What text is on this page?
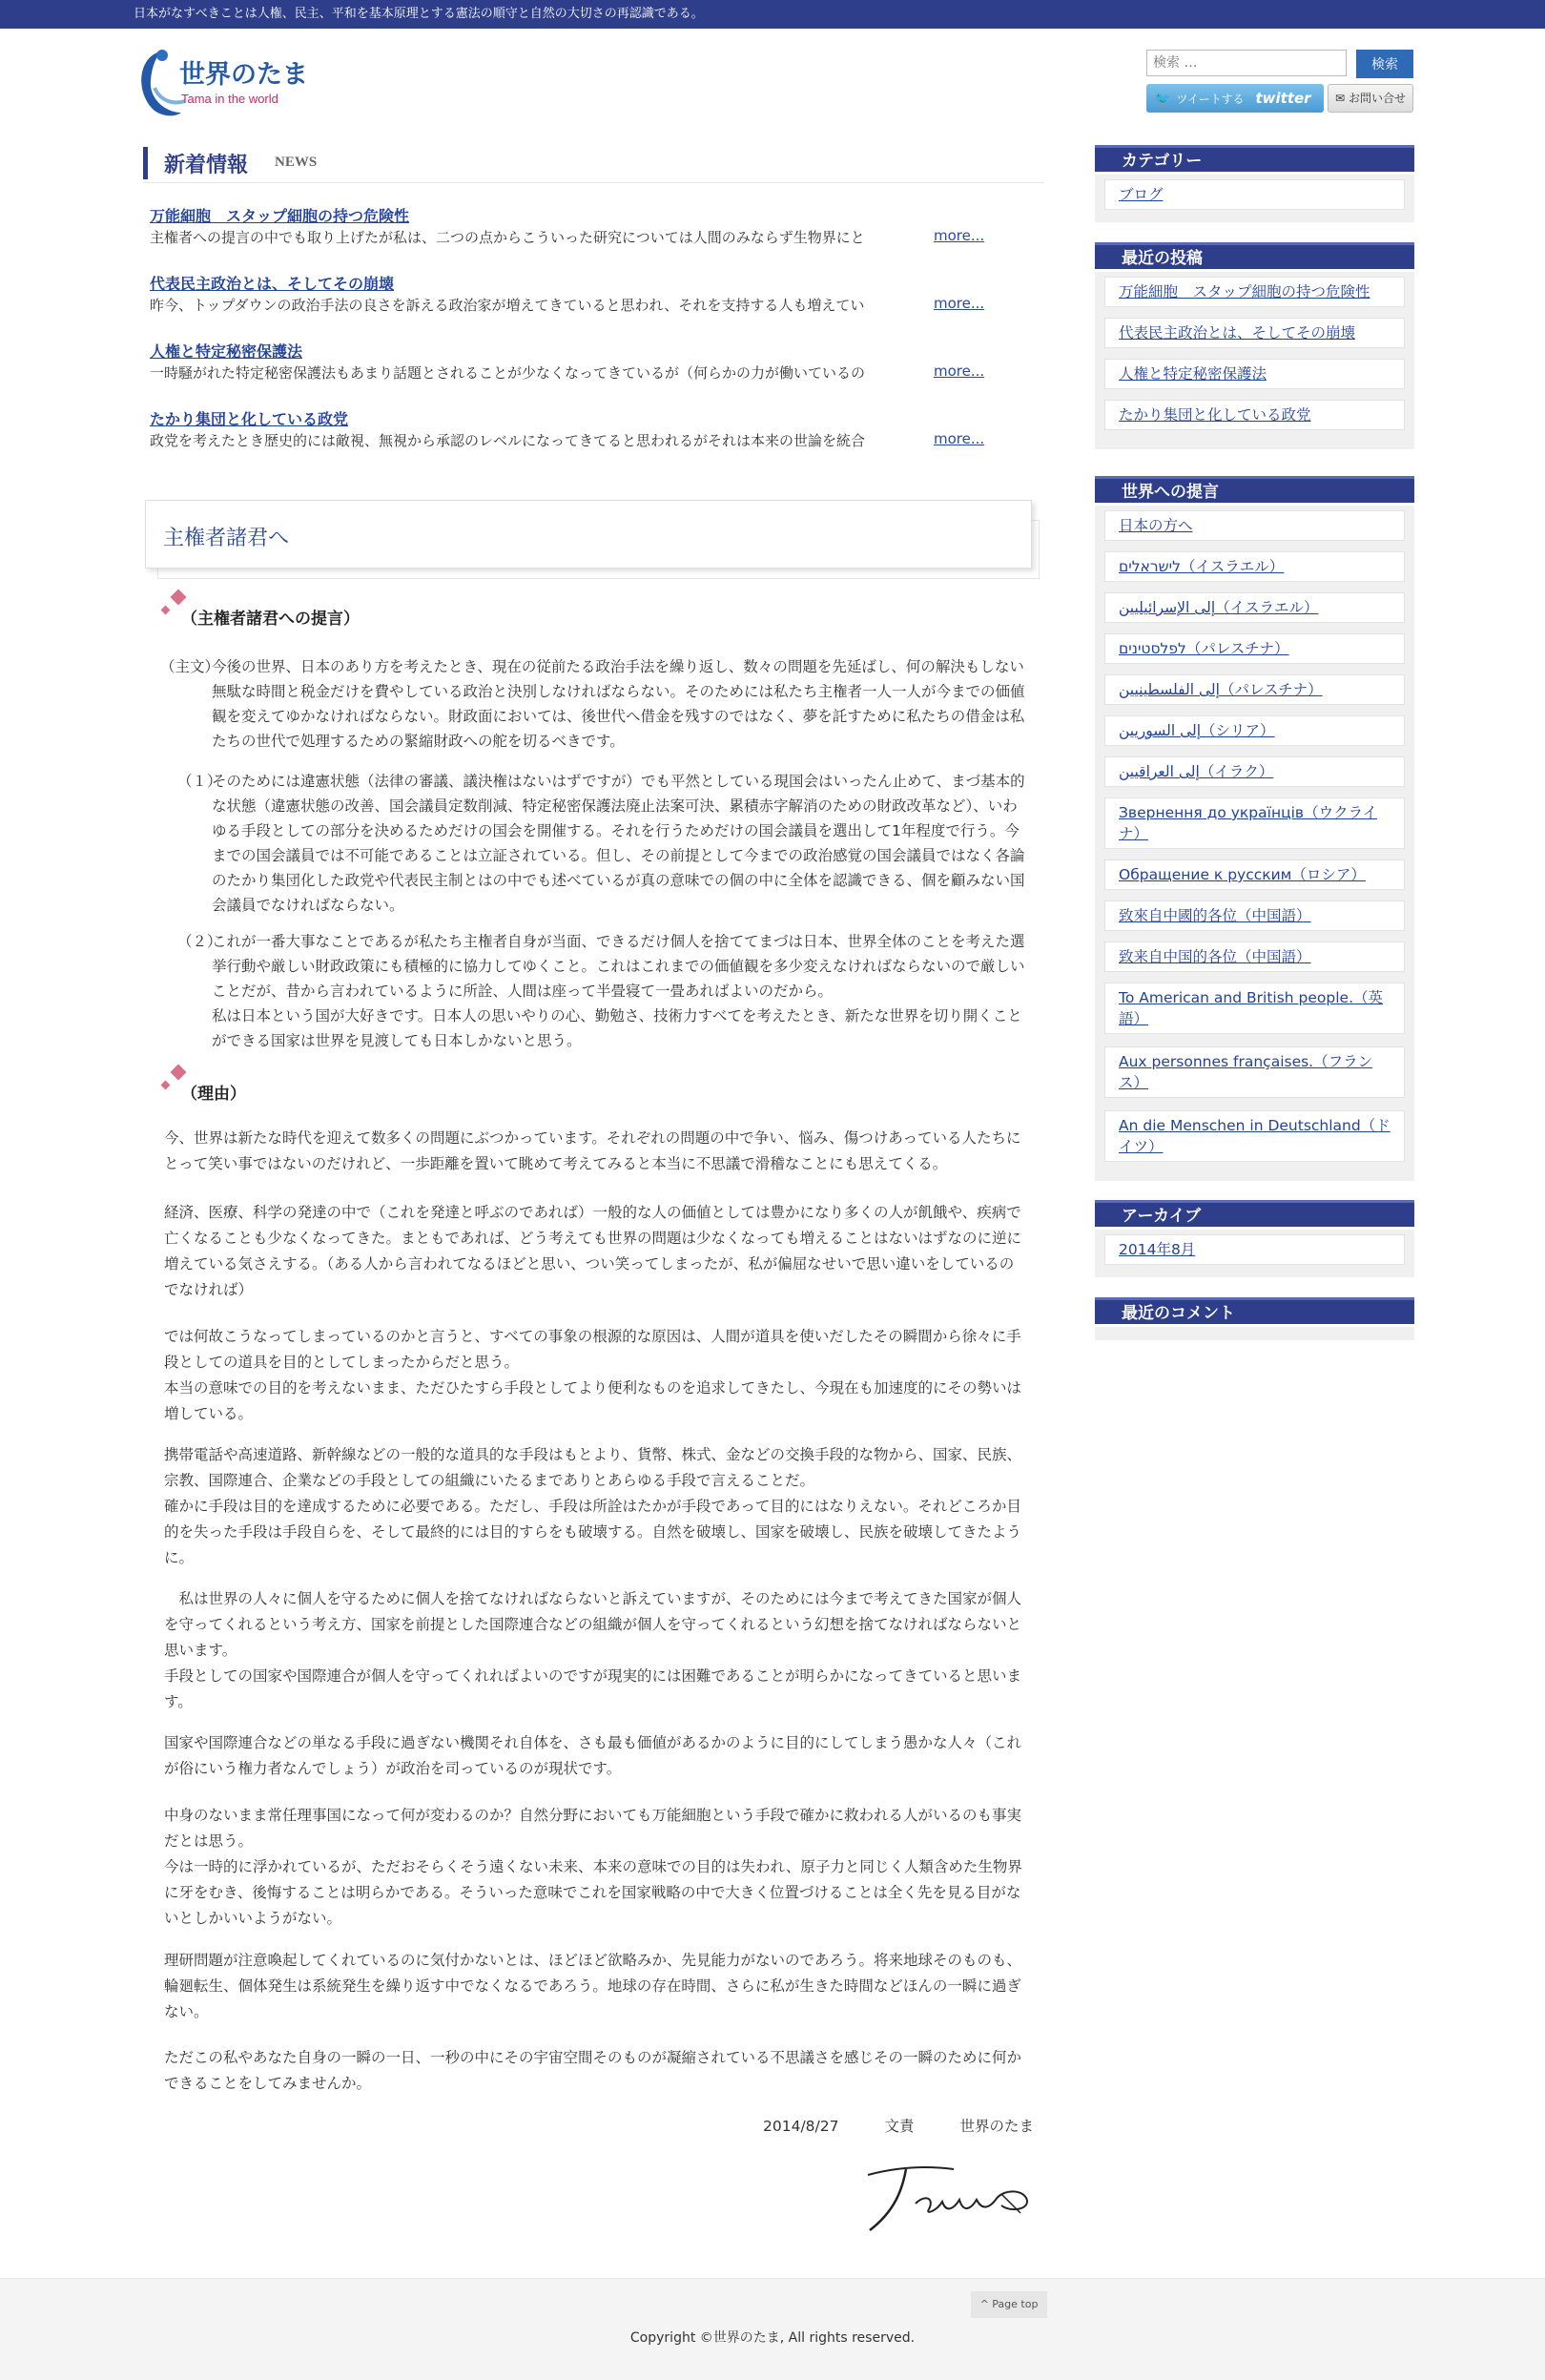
日本がなすべきことは人権、民主、平和を基本原理とする憲法の順守と自然の大切さの再認識である。
世界のたま
Tama in the world
検索 …
検索
🐦 ツイートする twitter	✉ お問い合せ
新着情報 NEWS
万能細胞　スタップ細胞の持つ危険性
主権者への提言の中でも取り上げたが私は、二つの点からこういった研究については人間のみならず生物界にと	more...
代表民主政治とは、そしてその崩壊
昨今、トップダウンの政治手法の良さを訴える政治家が増えてきていると思われ、それを支持する人も増えてい	more...
人権と特定秘密保護法
一時騒がれた特定秘密保護法もあまり話題とされることが少なくなってきているが（何らかの力が働いているの	more...
たかり集団と化している政党
政党を考えたとき歴史的には敵視、無視から承認のレベルになってきてると思われるがそれは本来の世論を統合	more...
主権者諸君へ
（主権者諸君への提言）
（主文）
今後の世界、日本のあり方を考えたとき、現在の従前たる政治手法を繰り返し、数々の問題を先延ばし、何の解決もしない無駄な時間と税金だけを費やしている政治と決別しなければならない。そのためには私たち主権者一人一人が今までの価値観を変えてゆかなければならない。財政面においては、後世代へ借金を残すのではなく、夢を託すために私たちの借金は私たちの世代で処理するための緊縮財政への舵を切るべきです。
（１）
そのためには違憲状態（法律の審議、議決権はないはずですが）でも平然としている現国会はいったん止めて、まづ基本的な状態（違憲状態の改善、国会議員定数削減、特定秘密保護法廃止法案可決、累積赤字解消のための財政改革など）、いわゆる手段としての部分を決めるためだけの国会を開催する。それを行うためだけの国会議員を選出して1年程度で行う。今までの国会議員では不可能であることは立証されている。但し、その前提として今までの政治感覚の国会議員ではなく各論のたかり集団化した政党や代表民主制とはの中でも述べているが真の意味での個の中に全体を認識できる、個を顧みない国会議員でなければならない。
（２）
これが一番大事なことであるが私たち主権者自身が当面、できるだけ個人を捨ててまづは日本、世界全体のことを考えた選挙行動や厳しい財政政策にも積極的に協力してゆくこと。これはこれまでの価値観を多少変えなければならないので厳しいことだが、昔から言われているように所詮、人間は座って半畳寝て一畳あればよいのだから。
私は日本という国が大好きです。日本人の思いやりの心、勤勉さ、技術力すべてを考えたとき、新たな世界を切り開くことができる国家は世界を見渡しても日本しかないと思う。
（理由）
今、世界は新たな時代を迎えて数多くの問題にぶつかっています。それぞれの問題の中で争い、悩み、傷つけあっている人たちにとって笑い事ではないのだけれど、一歩距離を置いて眺めて考えてみると本当に不思議で滑稽なことにも思えてくる。
経済、医療、科学の発達の中で（これを発達と呼ぶのであれば）一般的な人の価値としては豊かになり多くの人が飢餓や、疾病で亡くなることも少なくなってきた。まともであれば、どう考えても世界の問題は少なくなっても増えることはないはずなのに逆に増えている気さえする。（ある人から言われてなるほどと思い、つい笑ってしまったが、私が偏屈なせいで思い違いをしているのでなければ）
では何故こうなってしまっているのかと言うと、すべての事象の根源的な原因は、人間が道具を使いだしたその瞬間から徐々に手段としての道具を目的としてしまったからだと思う。
本当の意味での目的を考えないまま、ただひたすら手段としてより便利なものを追求してきたし、今現在も加速度的にその勢いは増している。
携帯電話や高速道路、新幹線などの一般的な道具的な手段はもとより、貨幣、株式、金などの交換手段的な物から、国家、民族、宗教、国際連合、企業などの手段としての組織にいたるまでありとあらゆる手段で言えることだ。
確かに手段は目的を達成するために必要である。ただし、手段は所詮はたかが手段であって目的にはなりえない。それどころか目的を失った手段は手段自らを、そして最終的には目的すらをも破壊する。自然を破壊し、国家を破壊し、民族を破壊してきたように。
　私は世界の人々に個人を守るために個人を捨てなければならないと訴えていますが、そのためには今まで考えてきた国家が個人を守ってくれるという考え方、国家を前提とした国際連合などの組織が個人を守ってくれるという幻想を捨てなければならないと思います。
手段としての国家や国際連合が個人を守ってくれればよいのですが現実的には困難であることが明らかになってきていると思います。
国家や国際連合などの単なる手段に過ぎない機関それ自体を、さも最も価値があるかのように目的にしてしまう愚かな人々（これが俗にいう権力者なんでしょう）が政治を司っているのが現状です。
中身のないまま常任理事国になって何が変わるのか？自然分野においても万能細胞という手段で確かに救われる人がいるのも事実だとは思う。
今は一時的に浮かれているが、ただおそらくそう遠くない未来、本来の意味での目的は失われ、原子力と同じく人類含めた生物界に牙をむき、後悔することは明らかである。そういった意味でこれを国家戦略の中で大きく位置づけることは全く先を見る目がないとしかいいようがない。
理研問題が注意喚起してくれているのに気付かないとは、ほどほど欲略みか、先見能力がないのであろう。将来地球そのものも、輪廻転生、個体発生は系統発生を繰り返す中でなくなるであろう。地球の存在時間、さらに私が生きた時間などほんの一瞬に過ぎない。
ただこの私やあなた自身の一瞬の一日、一秒の中にその宇宙空間そのものが凝縮されている不思議さを感じその一瞬のために何かできることをしてみませんか。
2014/8/27	文責	世界のたま
カテゴリー
ブログ
最近の投稿
万能細胞　スタップ細胞の持つ危険性
代表民主政治とは、そしてその崩壊
人権と特定秘密保護法
たかり集団と化している政党
世界への提言
日本の方へ
לישראלים（イスラエル）
إلى الإسرائيليين（イスラエル）
לפלסטינים（パレスチナ）
إلى الفلسطينيين（パレスチナ）
إلى السوريين（シリア）
إلى العراقيين（イラク）
Звернення до українців（ウクライナ）
Обращение к русским（ロシア）
致來自中國的各位（中国語）
致来自中国的各位（中国語）
To American and British people.（英語）
Aux personnes françaises.（フランス）
An die Menschen in Deutschland（ドイツ）
アーカイブ
2014年8月
最近のコメント
^ Page top
Copyright ©世界のたま, All rights reserved.
